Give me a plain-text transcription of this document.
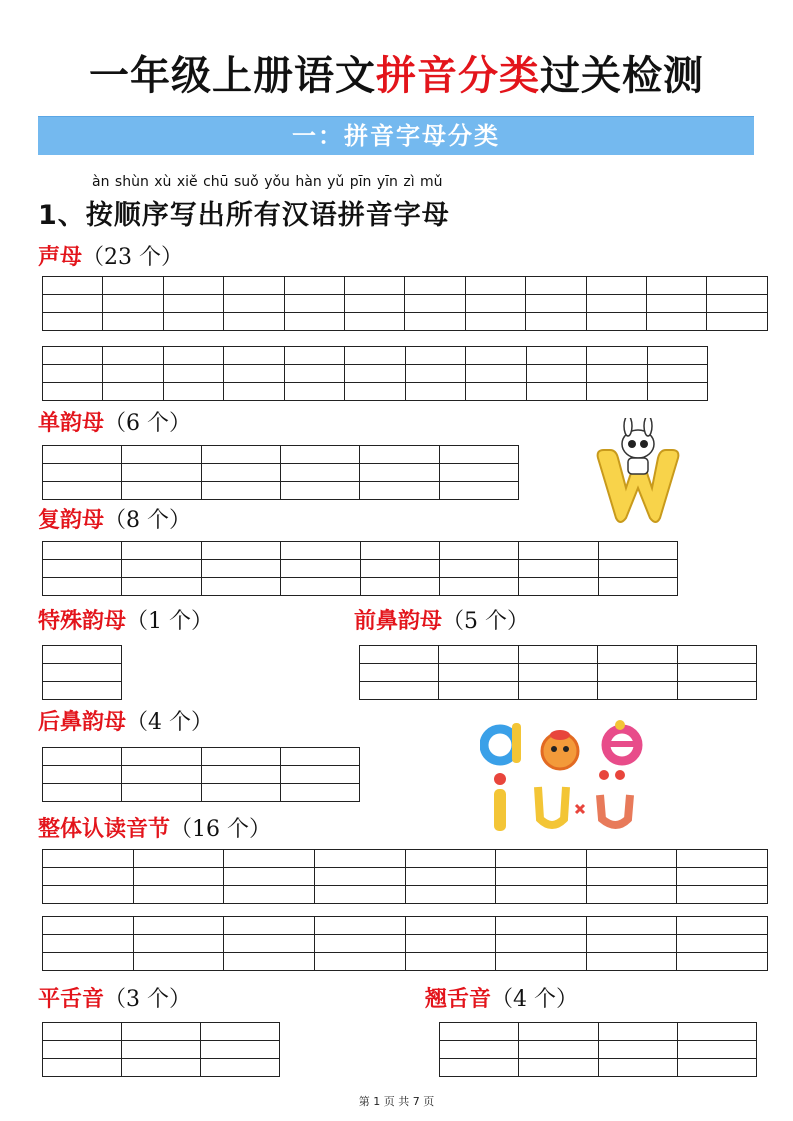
一年级上册语文拼音分类过关检测
一：拼音字母分类
àn shùn xù xiě chū suǒ yǒu hàn yǔ pīn yīn zì mǔ
1、按顺序写出所有汉语拼音字母
声母（23 个）

单韵母（6 个）

复韵母（8 个）

特殊韵母（1 个）	前鼻韵母（5 个）

后鼻韵母（4 个）

整体认读音节（16 个）

平舌音（3 个）

			翘舌音（4 个）

第 1 页 共 7 页
